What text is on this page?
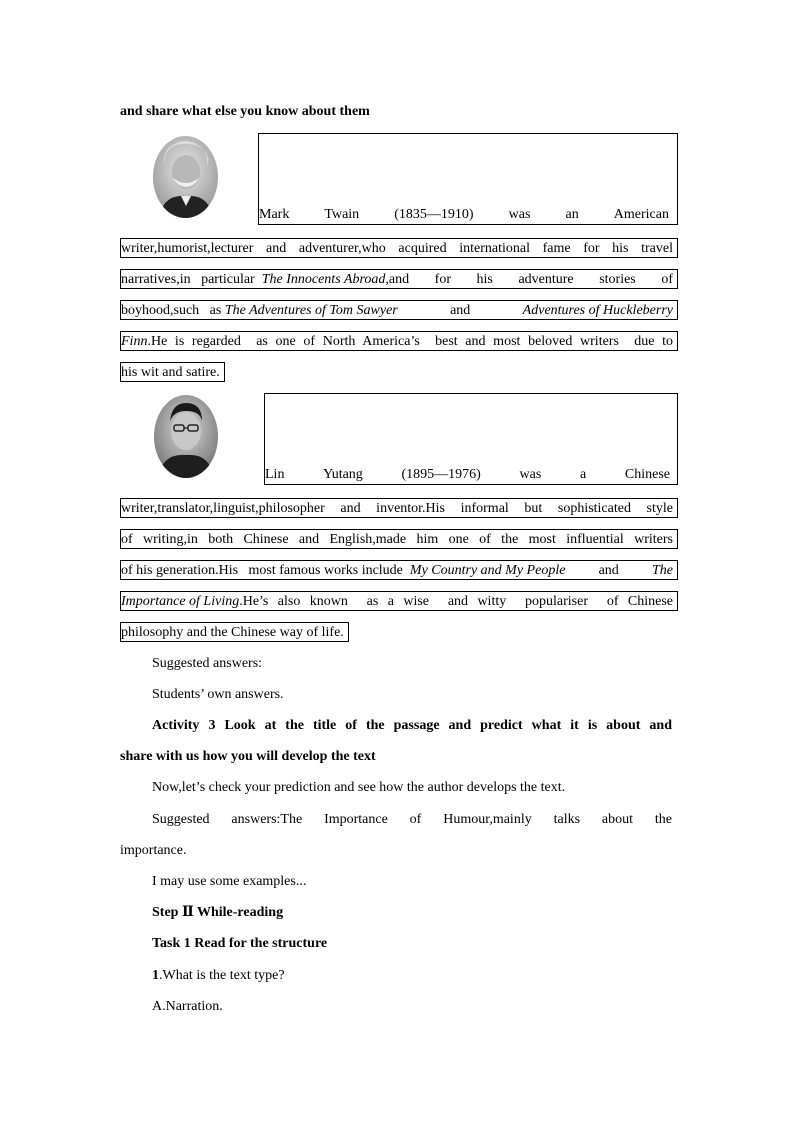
and share what else you know about them
Mark	Twain	(1835—1910)	was	an	American
writer,humorist,lecturer and adventurer,who acquired international fame for his travel
narratives,in   particular The Innocents Abroad ,and  for  his  adventure  stories  of
boyhood,such   as The Adventures of Tom Sawyer	and	Adventures of Huckleberry
Finn .He is regarded  as one of North America’s  best and most beloved writers  due to
his wit and satire.
Lin	Yutang	(1895—1976)	was	a	Chinese
writer,translator,linguist,philosopher and inventor.His informal but sophisticated style
of writing,in both Chinese and English,made him one of the most influential writers
of his generation.His   most famous works include My Country and My People	and	The
Importance of Living .He’s also known  as a wise  and witty  populariser  of Chinese
philosophy and the Chinese way of life.
Suggested answers:
Students’ own answers.
Activity 3 Look at the title of the passage and predict what it is about and
share with us how you will develop the text
Now,let’s check your prediction and see how the author develops the text.
Suggested answers:The Importance of Humour,mainly talks about the
importance.
I may use some examples...
Step Ⅱ While-reading
Task 1 Read for the structure
1.What is the text type?
A.Narration.
